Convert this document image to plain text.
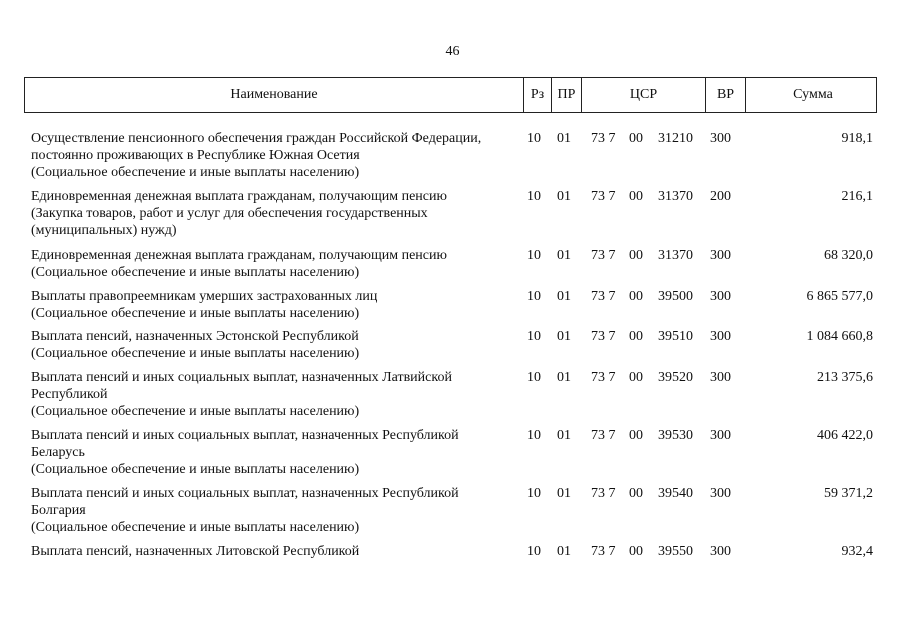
46
Наименование	Рз ПР	ЦСР	ВР	Сумма
Осуществление пенсионного обеспечения граждан Российской Федерации,
постоянно проживающих в Республике Южная Осетия
(Социальное обеспечение и иные выплаты населению)
10 01 73 7 00 31210 300	918,1
Единовременная денежная выплата гражданам, получающим пенсию
(Закупка товаров, работ и услуг для обеспечения государственных
(муниципальных) нужд)
10 01 73 7 00 31370 200	216,1
Единовременная денежная выплата гражданам, получающим пенсию
(Социальное обеспечение и иные выплаты населению)
10 01 73 7 00 31370 300	68 320,0
Выплаты правопреемникам умерших застрахованных лиц
(Социальное обеспечение и иные выплаты населению)
10 01 73 7 00 39500 300	6 865 577,0
Выплата пенсий, назначенных Эстонской Республикой
(Социальное обеспечение и иные выплаты населению)
10 01 73 7 00 39510 300	1 084 660,8
Выплата пенсий и иных социальных выплат, назначенных Латвийской
Республикой
(Социальное обеспечение и иные выплаты населению)
10 01 73 7 00 39520 300	213 375,6
Выплата пенсий и иных социальных выплат, назначенных Республикой
Беларусь
(Социальное обеспечение и иные выплаты населению)
10 01 73 7 00 39530 300	406 422,0
Выплата пенсий и иных социальных выплат, назначенных Республикой
Болгария
(Социальное обеспечение и иные выплаты населению)
10 01 73 7 00 39540 300	59 371,2
Выплата пенсий, назначенных Литовской Республикой	10 01 73 7 00 39550 300	932,4
